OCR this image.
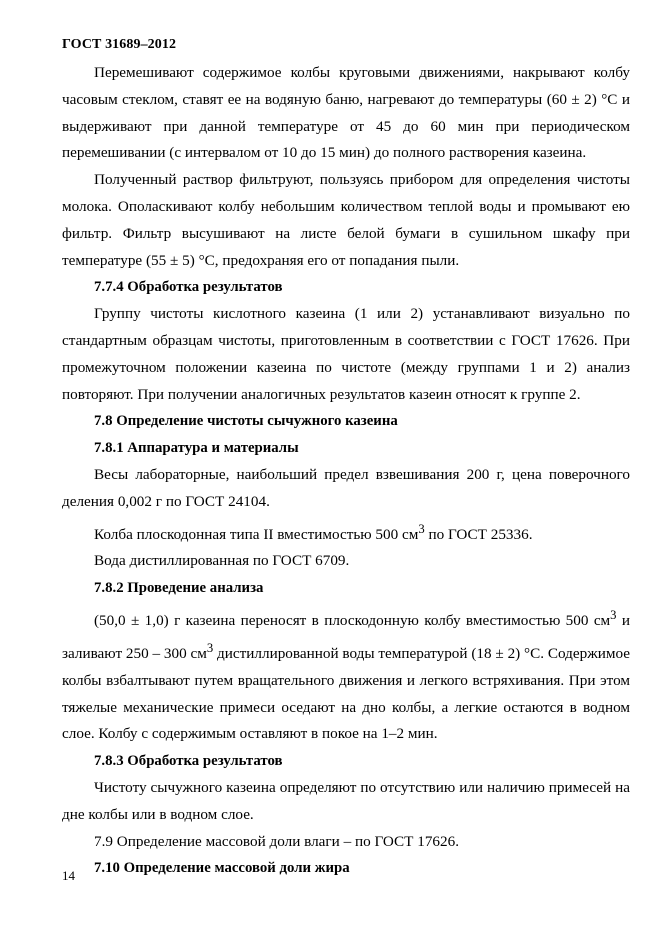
ГОСТ 31689–2012

Перемешивают содержимое колбы круговыми движениями, накрывают колбу часовым стеклом, ставят ее на водяную баню, нагревают до температуры (60 ± 2) °C и выдерживают при данной температуре от 45 до 60 мин при периодическом перемешивании (с интервалом от 10 до 15 мин) до полного растворения казеина.

Полученный раствор фильтруют, пользуясь прибором для определения чистоты молока. Ополаскивают колбу небольшим количеством теплой воды и промывают ею фильтр. Фильтр высушивают на листе белой бумаги в сушильном шкафу при температуре (55 ± 5) °C, предохраняя его от попадания пыли.

7.7.4 Обработка результатов

Группу чистоты кислотного казеина (1 или 2) устанавливают визуально по стандартным образцам чистоты, приготовленным в соответствии с ГОСТ 17626. При промежуточном положении казеина по чистоте (между группами 1 и 2) анализ повторяют. При получении аналогичных результатов казеин относят к группе 2.

7.8 Определение чистоты сычужного казеина

7.8.1 Аппаратура и материалы

Весы лабораторные, наибольший предел взвешивания 200 г, цена поверочного деления 0,002 г по ГОСТ 24104.

Колба плоскодонная типа II вместимостью 500 $см^3$ по ГОСТ 25336.

Вода дистиллированная по ГОСТ 6709.

7.8.2 Проведение анализа

(50,0 ± 1,0) г казеина переносят в плоскодонную колбу вместимостью 500 $см^3$ и заливают 250 – 300 $см^3$ дистиллированной воды температурой (18 ± 2) °C. Содержимое колбы взбалтывают путем вращательного движения и легкого встряхивания. При этом тяжелые механические примеси оседают на дно колбы, а легкие остаются в водном слое. Колбу с содержимым оставляют в покое на 1–2 мин.

7.8.3 Обработка результатов

Чистоту сычужного казеина определяют по отсутствию или наличию примесей на дне колбы или в водном слое.

7.9 Определение массовой доли влаги – по ГОСТ 17626.

7.10 Определение массовой доли жира

14
